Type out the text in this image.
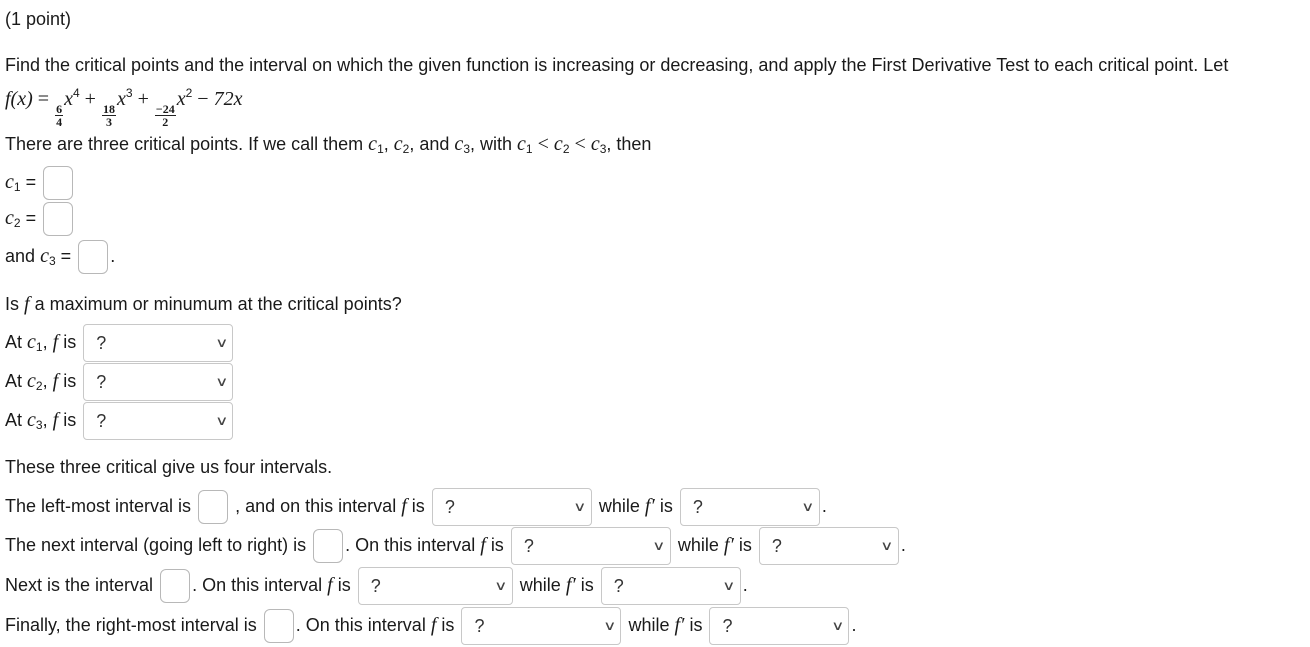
(1 point)
Find the critical points and the interval on which the given function is increasing or decreasing, and apply the First Derivative Test to each critical point. Let
f(x) =
$\frac{6}{4}$
$x^4$ +
$\frac{18}{3}$
$x^3$ +
$\frac{-24}{2}$
$x^2 - 72x$
There are three critical points. If we call them $c_1$, $c_2$, and $c_3$, with $c_1 < c_2 < c_3$, then
$c_1$ =
$c_2$ =
and $c_3$ = .
Is f a maximum or minumum at the critical points?
At $c_1$, f is ?	∨
At $c_2$, f is ?	∨
At $c_3$, f is ?	∨
These three critical give us four intervals.
The left-most interval is , and on this interval f is ?	∨ while f′ is ?	∨ .
The next interval (going left to right) is . On this interval f is ?	∨ while f′ is ?	∨ .
Next is the interval . On this interval f is ?	∨ while f′ is ?	∨ .
Finally, the right-most interval is . On this interval f is ?	∨ while f′ is ?	∨ .
